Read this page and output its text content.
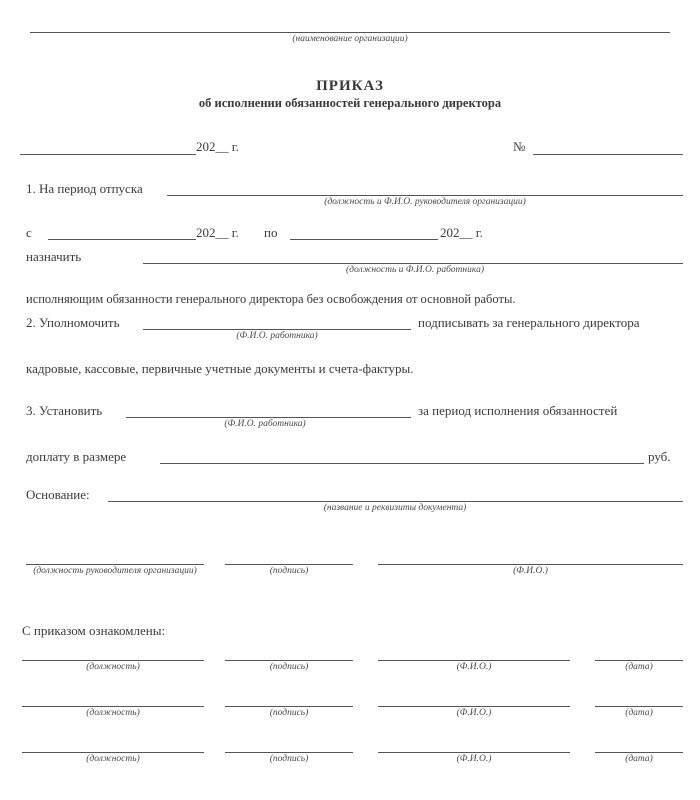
(наименование организации)
ПРИКАЗ
об исполнении обязанностей генерального директора
202__ г.	№
1. На период отпуска
(должность и Ф.И.О. руководителя организации)
с	202__ г. по	202__ г.
назначить
(должность и Ф.И.О. работника)
исполняющим обязанности генерального директора без освобождения от основной работы.
2. Уполномочить
(Ф.И.О. работника)
подписывать за генерального директора
кадровые, кассовые, первичные учетные документы и счета-фактуры.
3. Установить
(Ф.И.О. работника)
за период исполнения обязанностей
доплату в размере	руб.
Основание:
(название и реквизиты документа)
(должность руководителя организации)	(подпись)	(Ф.И.О.)
С приказом ознакомлены:
(должность)	(подпись)	(Ф.И.О.)	(дата)
(должность)	(подпись)	(Ф.И.О.)	(дата)
(должность)	(подпись)	(Ф.И.О.)	(дата)
